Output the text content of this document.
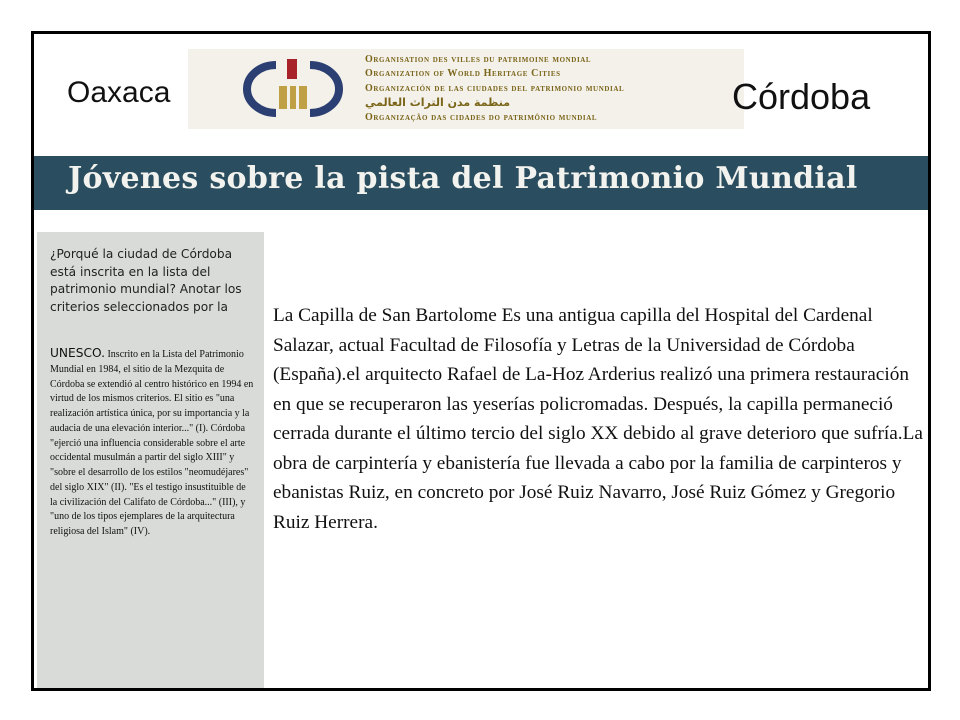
Oaxaca
Organisation des villes du patrimoine mondial
Organization of World Heritage Cities
Organización de las ciudades del patrimonio mundial
منظمة مدن التراث العالمي
Organização das cidades do patrimônio mundial
Córdoba
Jóvenes sobre la pista del Patrimonio Mundial
¿Porqué la ciudad de Córdoba está inscrita en la lista del patrimonio mundial? Anotar los criterios seleccionados por la
UNESCO. Inscrito en la Lista del Patrimonio Mundial en 1984, el sitio de la Mezquita de Córdoba se extendió al centro histórico en 1994 en virtud de los mismos criterios. El sitio es "una realización artística única, por su importancia y la audacia de una elevación interior..." (I). Córdoba "ejerció una influencia considerable sobre el arte occidental musulmán a partir del siglo XIII" y "sobre el desarrollo de los estilos "neomudéjares" del siglo XIX" (II). "Es el testigo insustituible de la civilización del Califato de Córdoba..." (III), y "uno de los tipos ejemplares de la arquitectura religiosa del Islam" (IV).
La Capilla de San Bartolome Es una antigua capilla del Hospital del Cardenal Salazar, actual Facultad de Filosofía y Letras de la Universidad de Córdoba (España).el arquitecto Rafael de La-Hoz Arderius realizó una primera restauración en que se recuperaron las yeserías policromadas. Después, la capilla permaneció cerrada durante el último tercio del siglo XX debido al grave deterioro que sufría.La obra de carpintería y ebanistería fue llevada a cabo por la familia de carpinteros y ebanistas Ruiz, en concreto por José Ruiz Navarro, José Ruiz Gómez y Gregorio Ruiz Herrera.
